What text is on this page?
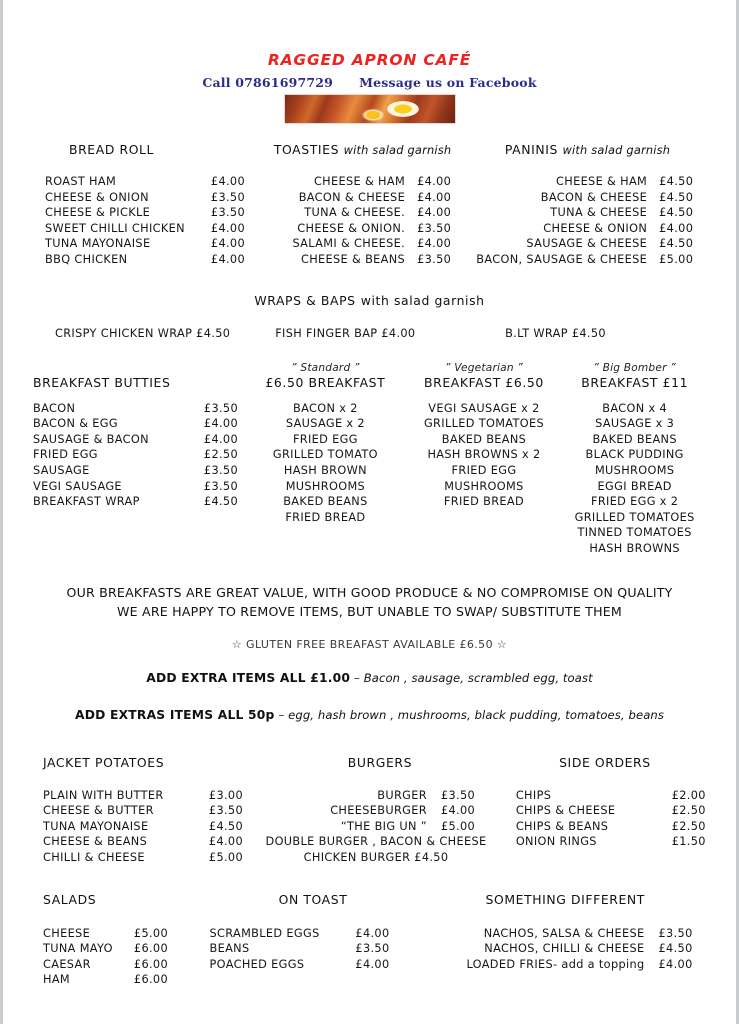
RAGGED APRON CAFÉ
Call 07861697729 Message us on Facebook
BREAD ROLL
ROAST HAM	£4.00
CHEESE & ONION	£3.50
CHEESE & PICKLE	£3.50
SWEET CHILLI CHICKEN	£4.00
TUNA MAYONAISE	£4.00
BBQ CHICKEN	£4.00
TOASTIES with salad garnish
CHEESE & HAM	£4.00
BACON & CHEESE	£4.00
TUNA & CHEESE.	£4.00
CHEESE & ONION.	£3.50
SALAMI & CHEESE.	£4.00
CHEESE & BEANS	£3.50
PANINIS with salad garnish
CHEESE & HAM	£4.50
BACON & CHEESE	£4.50
TUNA & CHEESE	£4.50
CHEESE & ONION	£4.00
SAUSAGE & CHEESE	£4.50
BACON, SAUSAGE & CHEESE	£5.00
WRAPS & BAPS with salad garnish
CRISPY CHICKEN WRAP £4.50	FISH FINGER BAP £4.00	B.LT WRAP £4.50
BREAKFAST BUTTIES
BACON	£3.50
BACON & EGG	£4.00
SAUSAGE & BACON	£4.00
FRIED EGG	£2.50
SAUSAGE	£3.50
VEGI SAUSAGE	£3.50
BREAKFAST WRAP	£4.50
” Standard ”
£6.50 BREAKFAST
BACON x 2
SAUSAGE x 2
FRIED EGG
GRILLED TOMATO
HASH BROWN
MUSHROOMS
BAKED BEANS
FRIED BREAD
” Vegetarian ”
BREAKFAST £6.50
VEGI SAUSAGE x 2
GRILLED TOMATOES
BAKED BEANS
HASH BROWNS x 2
FRIED EGG
MUSHROOMS
FRIED BREAD
” Big Bomber ”
BREAKFAST £11
BACON x 4
SAUSAGE x 3
BAKED BEANS
BLACK PUDDING
MUSHROOMS
EGGI BREAD
FRIED EGG x 2
GRILLED TOMATOES
TINNED TOMATOES
HASH BROWNS
OUR BREAKFASTS ARE GREAT VALUE, WITH GOOD PRODUCE & NO COMPROMISE ON QUALITY
WE ARE HAPPY TO REMOVE ITEMS, BUT UNABLE TO SWAP/ SUBSTITUTE THEM
☆ GLUTEN FREE BREAFAST AVAILABLE £6.50 ☆
ADD EXTRA ITEMS ALL £1.00 – Bacon , sausage, scrambled egg, toast
ADD EXTRAS ITEMS ALL 50p – egg, hash brown , mushrooms, black pudding, tomatoes, beans
JACKET POTATOES
PLAIN WITH BUTTER	£3.00
CHEESE & BUTTER	£3.50
TUNA MAYONAISE	£4.50
CHEESE & BEANS	£4.00
CHILLI & CHEESE	£5.00
BURGERS
BURGER	£3.50
CHEESEBURGER	£4.00
“THE BIG UN ”	£5.00
DOUBLE BURGER , BACON & CHEESE
CHICKEN BURGER £4.50
SIDE ORDERS
CHIPS	£2.00
CHIPS & CHEESE	£2.50
CHIPS & BEANS	£2.50
ONION RINGS	£1.50
SALADS
CHEESE	£5.00
TUNA MAYO	£6.00
CAESAR	£6.00
HAM	£6.00
ON TOAST
SCRAMBLED EGGS	£4.00
BEANS	£3.50
POACHED EGGS	£4.00
SOMETHING DIFFERENT
NACHOS, SALSA & CHEESE	£3.50
NACHOS, CHILLI & CHEESE	£4.50
LOADED FRIES- add a topping	£4.00
